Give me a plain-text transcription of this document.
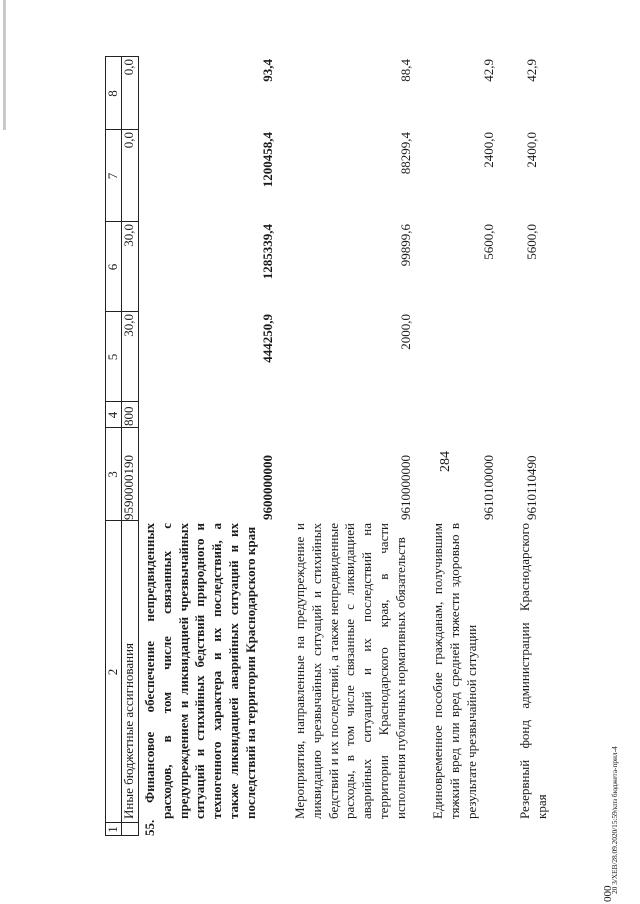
1
2
3
4
5
6
7
8
Иные бюджетные ассигнования
9590000190
800
30,0
30,0
0,0
0,0
55.
Финансовое обеспечение непредвиденных расходов, в том числе связанных с предупреждением и ликвидацией чрезвычайных ситуаций и стихийных бедствий природного и техногенного характера и их последствий, а также ликвидацией аварийных ситуаций и их последствий на территории Краснодарского края
9600000000
444250,9
1285339,4
1200458,4
93,4
Мероприятия, направленные на предупреждение и ликвидацию чрезвычайных ситуаций и стихийных бедствий и их последствий, а также непредвиденные расходы, в том числе связанные с ликвидацией аварийных ситуаций и их последствий на территории Краснодарского края, в части исполнения публичных нормативных обязательств
9610000000
2000,0
99899,6
88299,4
88,4
Единовременное пособие гражданам, получившим тяжкий вред или вред средней тяжести здоровью в результате чрезвычайной ситуации
9610100000
5600,0
2400,0
42,9
Резервный фонд администрации Краснодарского края
9610110490
5600,0
2400,0
42,9
284
20 3/ХЕВ/28.09.2020/15:59/кпз бюджета-прил-4
000
